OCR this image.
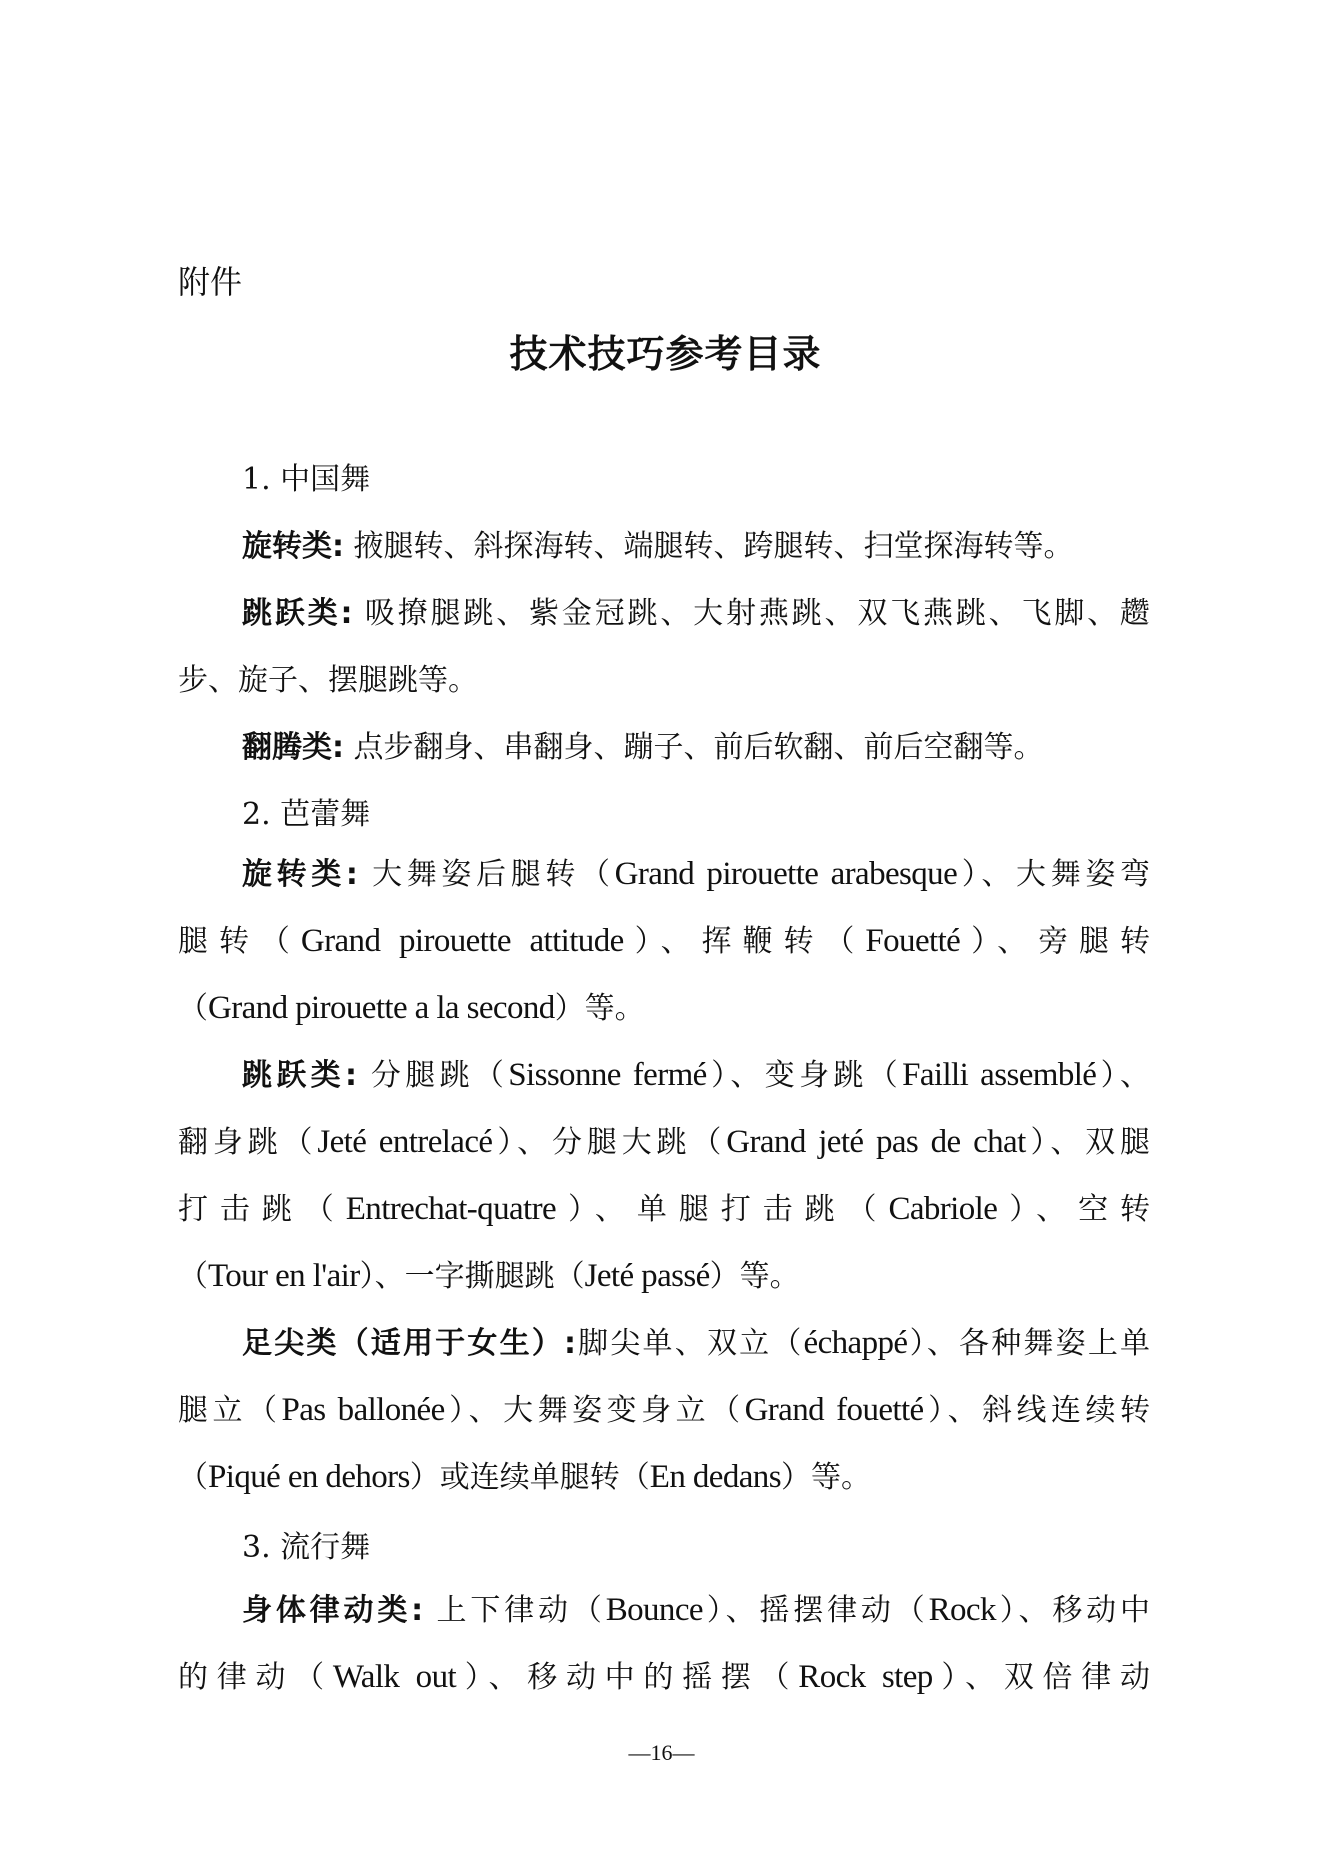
附件
技术技巧参考目录
1. 中国舞
旋转类: 掖腿转、斜探海转、端腿转、跨腿转、扫堂探海转等。
跳跃类: 吸撩腿跳、紫金冠跳、大射燕跳、双飞燕跳、飞脚、趱
步、旋子、摆腿跳等。
翻腾类: 点步翻身、串翻身、蹦子、前后软翻、前后空翻等。
2. 芭蕾舞
旋转类: 大舞姿后腿转（Grand pirouette arabesque）、大舞姿弯
腿转（Grand pirouette attitude）、挥鞭转（Fouetté）、旁腿转
（Grand pirouette a la second）等。
跳跃类: 分腿跳（Sissonne fermé）、变身跳（Failli assemblé）、
翻身跳（Jeté entrelacé）、分腿大跳（Grand jeté pas de chat）、双腿
打击跳（Entrechat-quatre）、单腿打击跳（Cabriole）、空转
（Tour en l'air）、一字撕腿跳（Jeté passé）等。
足尖类（适用于女生）:脚尖单、双立（échappé）、各种舞姿上单
腿立（Pas ballonée）、大舞姿变身立（Grand fouetté）、斜线连续转
（Piqué en dehors）或连续单腿转（En dedans）等。
3. 流行舞
身体律动类: 上下律动（Bounce）、摇摆律动（Rock）、移动中
的律动（Walk out）、移动中的摇摆（Rock step）、双倍律动
—16—
